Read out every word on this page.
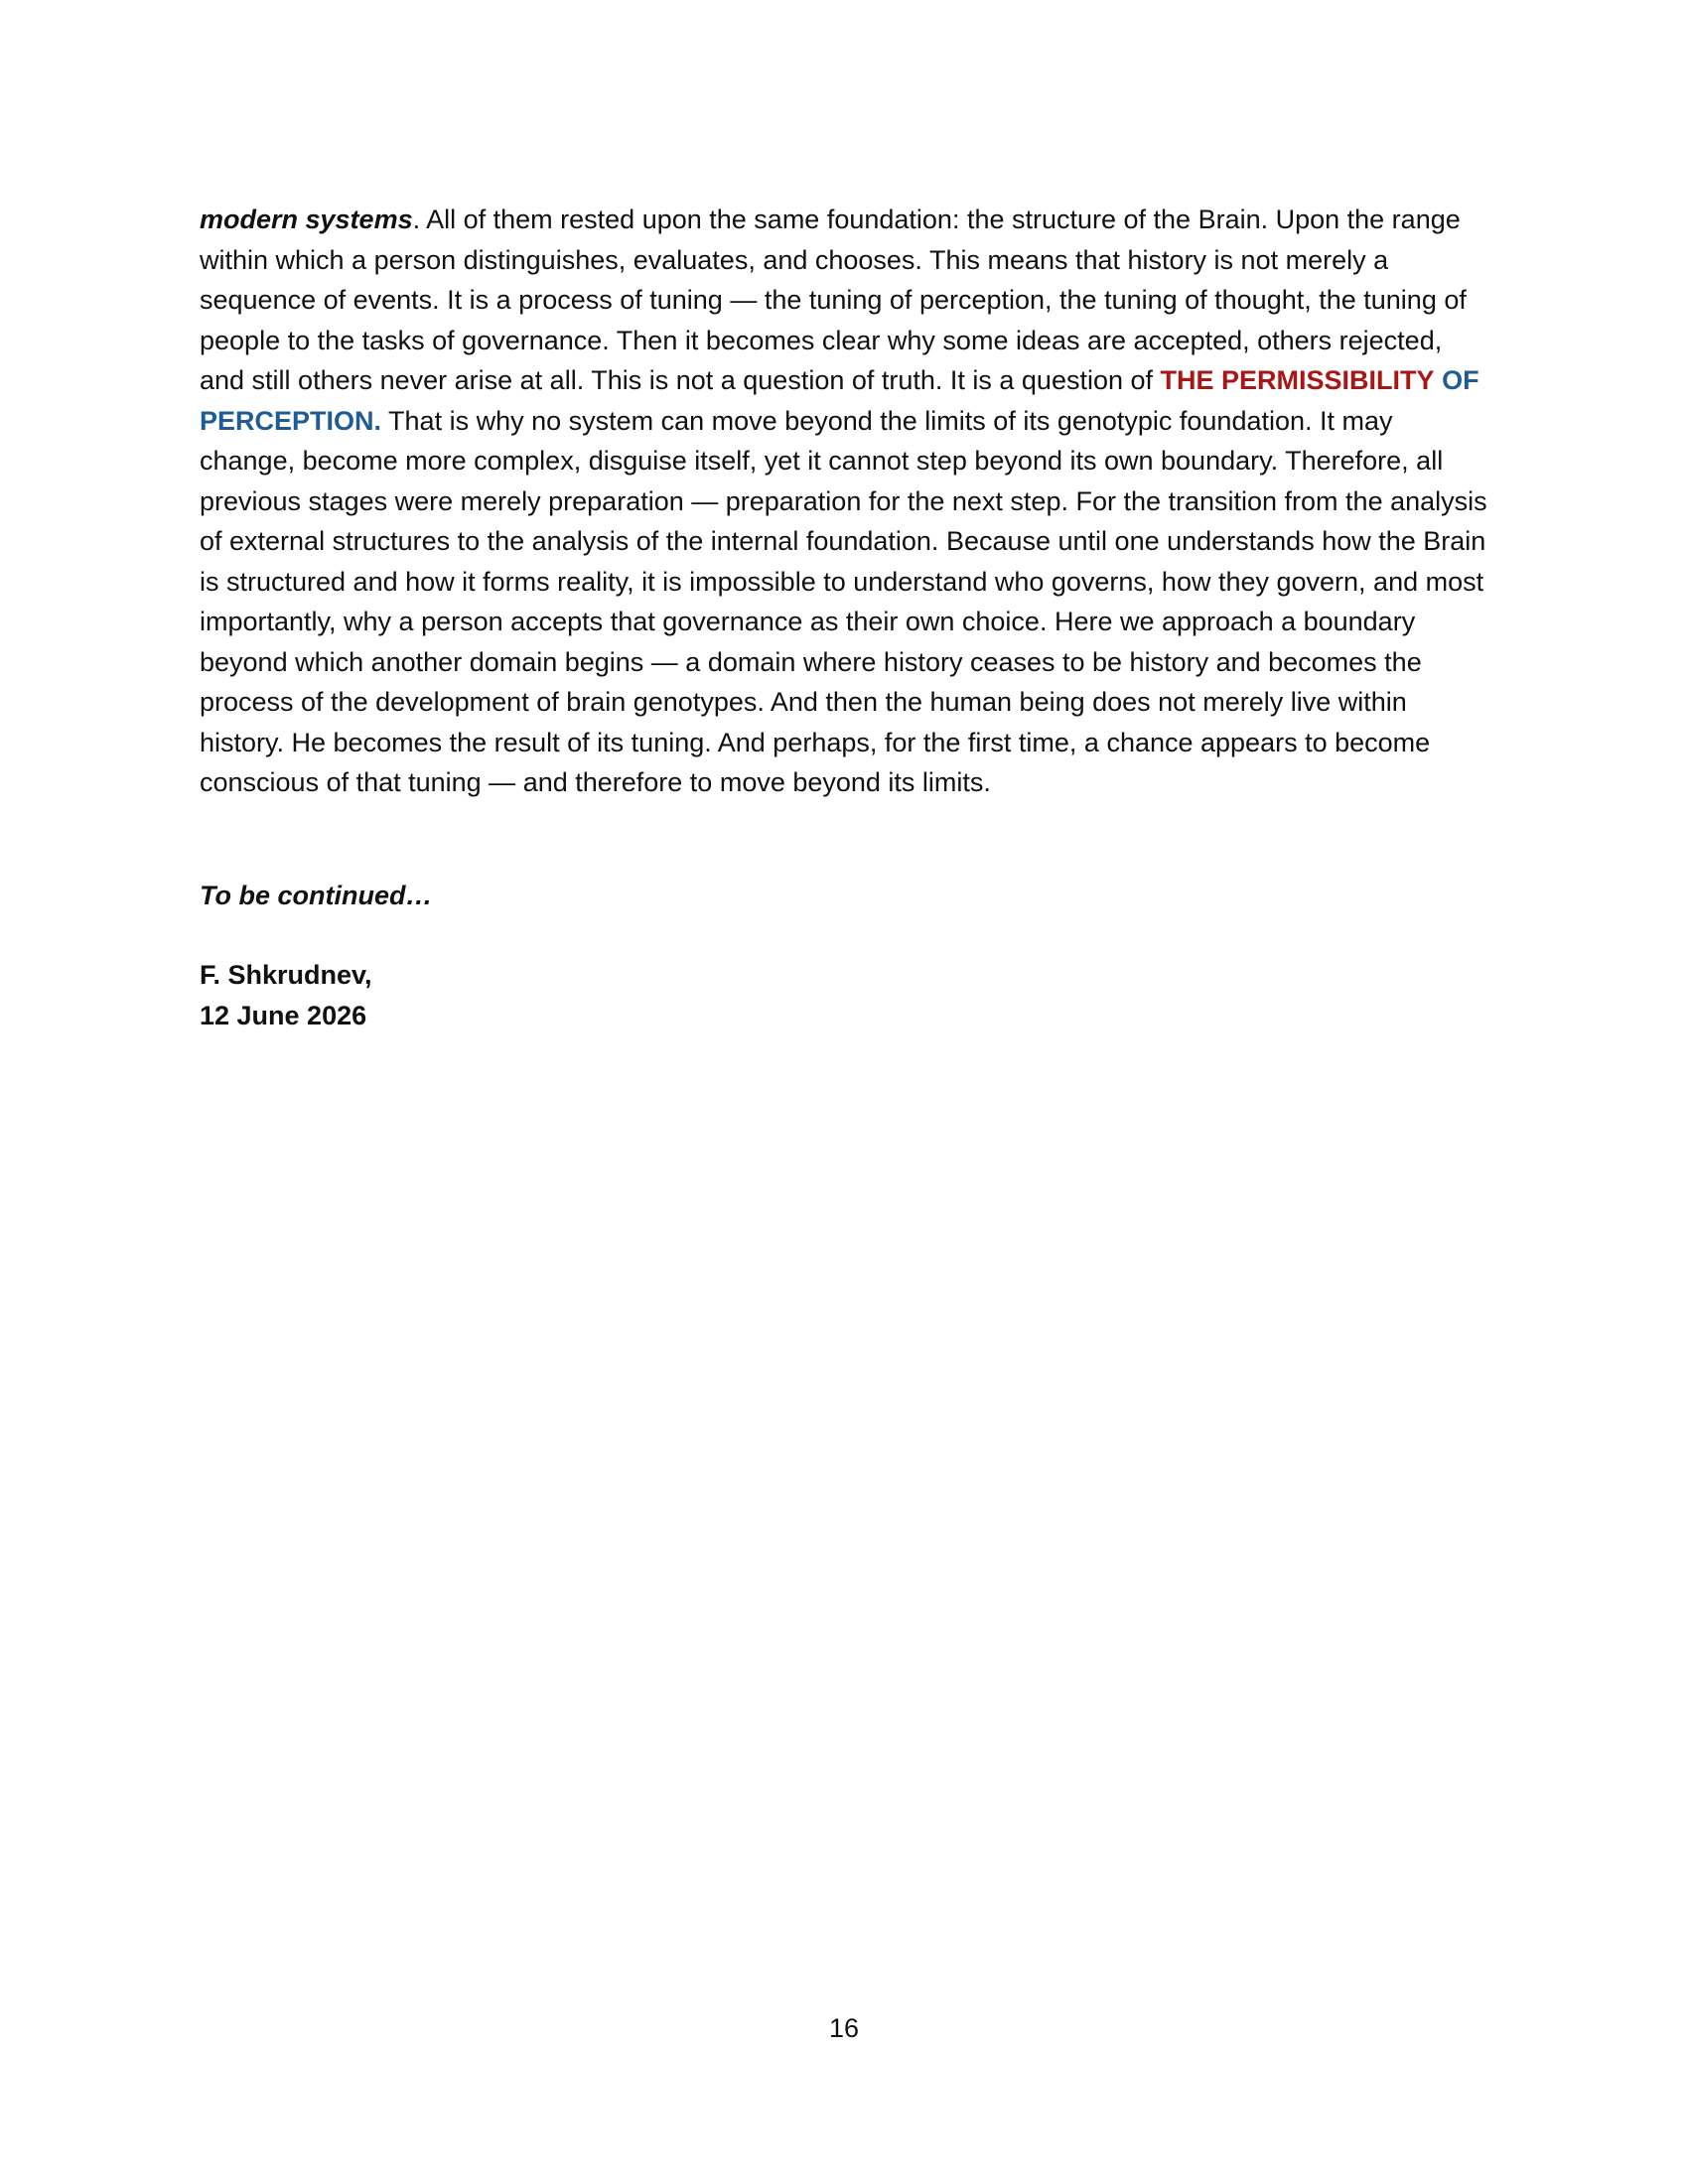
modern systems. All of them rested upon the same foundation: the structure of the Brain. Upon the range within which a person distinguishes, evaluates, and chooses. This means that history is not merely a sequence of events. It is a process of tuning — the tuning of perception, the tuning of thought, the tuning of people to the tasks of governance. Then it becomes clear why some ideas are accepted, others rejected, and still others never arise at all. This is not a question of truth. It is a question of THE PERMISSIBILITY OF PERCEPTION. That is why no system can move beyond the limits of its genotypic foundation. It may change, become more complex, disguise itself, yet it cannot step beyond its own boundary. Therefore, all previous stages were merely preparation — preparation for the next step. For the transition from the analysis of external structures to the analysis of the internal foundation. Because until one understands how the Brain is structured and how it forms reality, it is impossible to understand who governs, how they govern, and most importantly, why a person accepts that governance as their own choice. Here we approach a boundary beyond which another domain begins — a domain where history ceases to be history and becomes the process of the development of brain genotypes. And then the human being does not merely live within history. He becomes the result of its tuning. And perhaps, for the first time, a chance appears to become conscious of that tuning — and therefore to move beyond its limits.

To be continued…

F. Shkrudnev,
12 June 2026

16
